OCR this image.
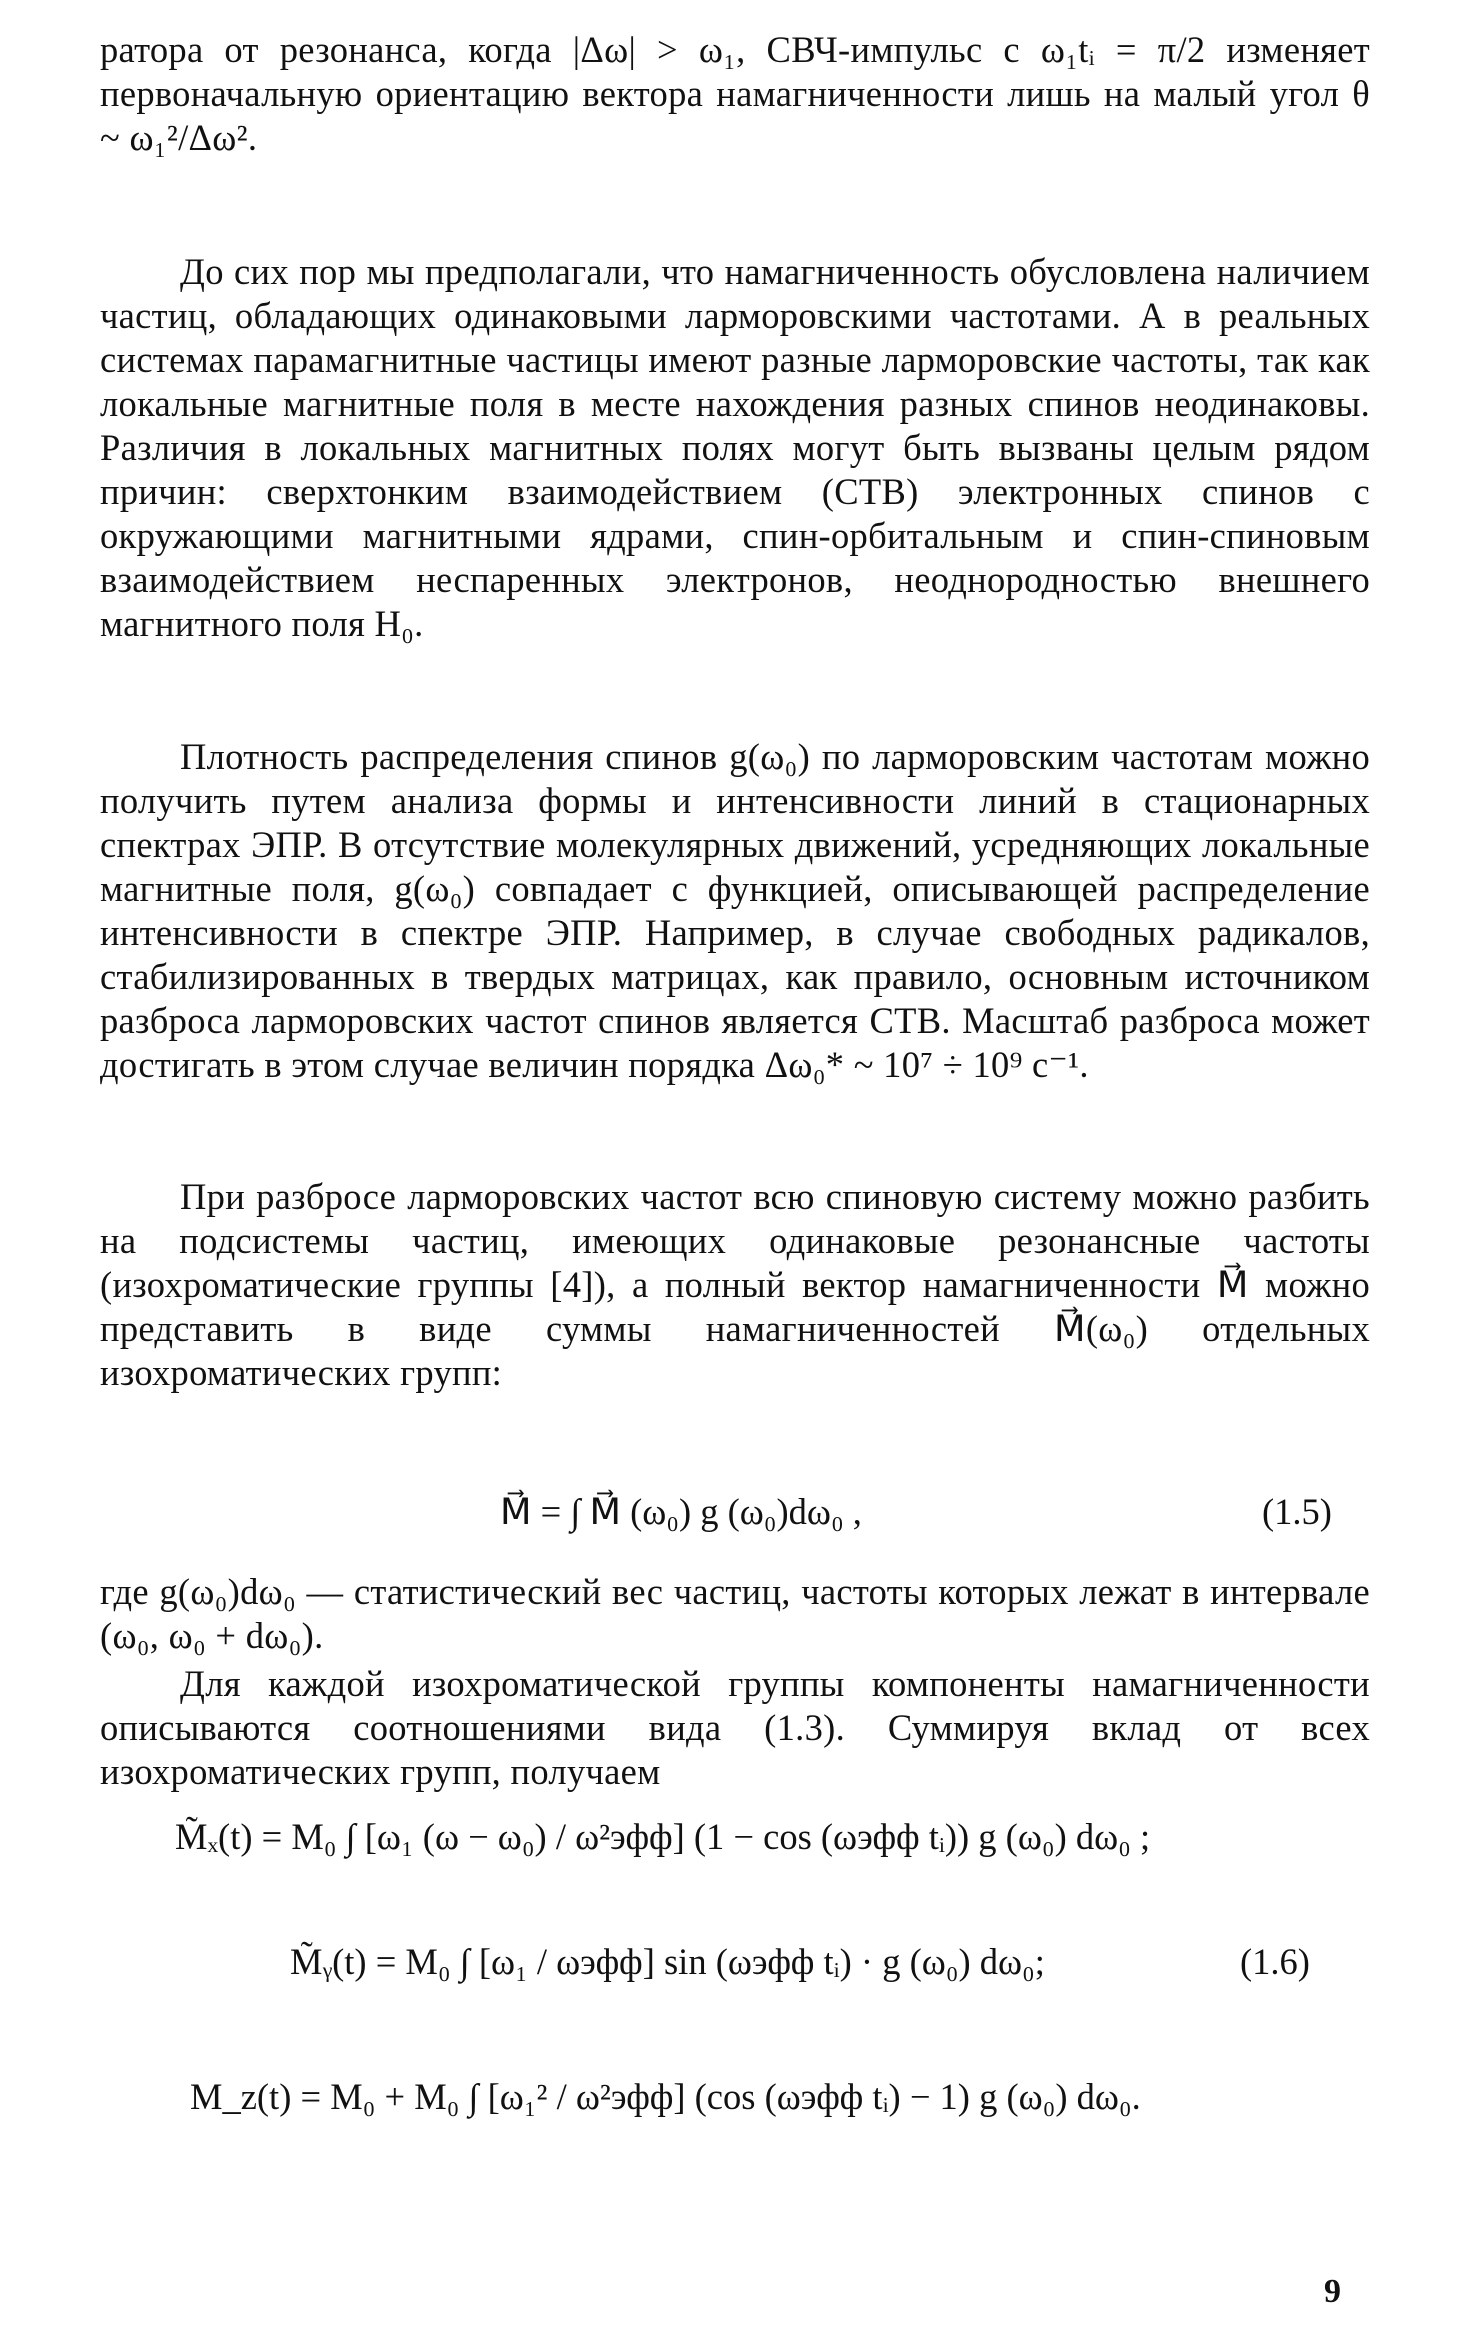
ратора от резонанса, когда |Δω| > ω₁, СВЧ-импульс с ω₁tᵢ = π/2 изменяет первоначальную ориентацию вектора намагниченности лишь на малый угол θ ~ ω₁²/Δω².

До сих пор мы предполагали, что намагниченность обусловлена наличием частиц, обладающих одинаковыми ларморовскими частотами. А в реальных системах парамагнитные частицы имеют разные ларморовские частоты, так как локальные магнитные поля в месте нахождения разных спинов неодинаковы. Различия в локальных магнитных полях могут быть вызваны целым рядом причин: сверхтонким взаимодействием (СТВ) электронных спинов с окружающими магнитными ядрами, спин-орбитальным и спин-спиновым взаимодействием неспаренных электронов, неоднородностью внешнего магнитного поля H₀.

Плотность распределения спинов g(ω₀) по ларморовским частотам можно получить путем анализа формы и интенсивности линий в стационарных спектрах ЭПР. В отсутствие молекулярных движений, усредняющих локальные магнитные поля, g(ω₀) совпадает с функцией, описывающей распределение интенсивности в спектре ЭПР. Например, в случае свободных радикалов, стабилизированных в твердых матрицах, как правило, основным источником разброса ларморовских частот спинов является СТВ. Масштаб разброса может достигать в этом случае величин порядка Δω₀* ~ 10⁷ ÷ 10⁹ с⁻¹.

При разбросе ларморовских частот всю спиновую систему можно разбить на подсистемы частиц, имеющих одинаковые резонансные частоты (изохроматические группы [4]), а полный вектор намагниченности M⃗ можно представить в виде суммы намагниченностей M⃗(ω₀) отдельных изохроматических групп:

M⃗ = ∫ M⃗ (ω₀) g (ω₀)dω₀ ,	(1.5)

где g(ω₀)dω₀ — статистический вес частиц, частоты которых лежат в интервале (ω₀, ω₀ + dω₀).

Для каждой изохроматической группы компоненты намагниченности описываются соотношениями вида (1.3). Суммируя вклад от всех изохроматических групп, получаем

M̃ₓ(t) = M₀ ∫ [ω₁ (ω − ω₀) / ω²эфф] (1 − cos (ωэфф tᵢ)) g (ω₀) dω₀ ;
M̃ᵧ(t) = M₀ ∫ [ω₁ / ωэфф] sin (ωэфф tᵢ) · g (ω₀) dω₀;	(1.6)
M_z(t) = M₀ + M₀ ∫ [ω₁² / ω²эфф] (cos (ωэфф tᵢ) − 1) g (ω₀) dω₀.
9
